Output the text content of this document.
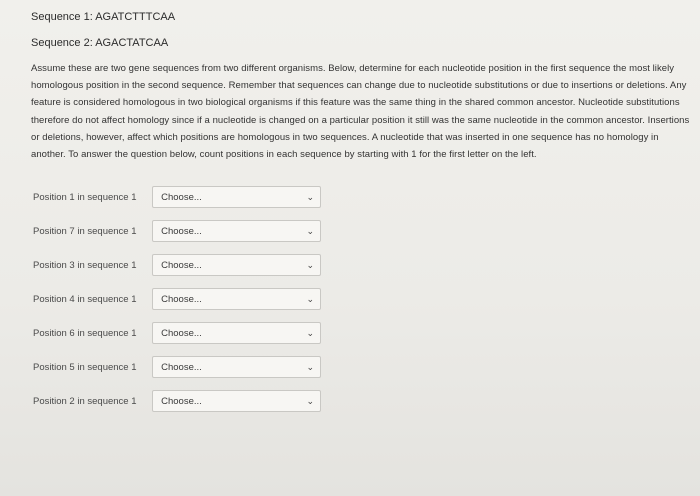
Sequence 1: AGATCTTTCAA

Sequence 2: AGACTATCAA

Assume these are two gene sequences from two different organisms. Below, determine for each nucleotide position in the first sequence the most likely homologous position in the second sequence. Remember that sequences can change due to nucleotide substitutions or due to insertions or deletions. Any feature is considered homologous in two biological organisms if this feature was the same thing in the shared common ancestor. Nucleotide substitutions therefore do not affect homology since if a nucleotide is changed on a particular position it still was the same nucleotide in the common ancestor. Insertions or deletions, however, affect which positions are homologous in two sequences. A nucleotide that was inserted in one sequence has no homology in another. To answer the question below, count positions in each sequence by starting with 1 for the first letter on the left.
Position 1 in sequence 1	Choose...	⌄
Position 7 in sequence 1	Choose...	⌄
Position 3 in sequence 1	Choose...	⌄
Position 4 in sequence 1	Choose...	⌄
Position 6 in sequence 1	Choose...	⌄
Position 5 in sequence 1	Choose...	⌄
Position 2 in sequence 1	Choose...	⌄
